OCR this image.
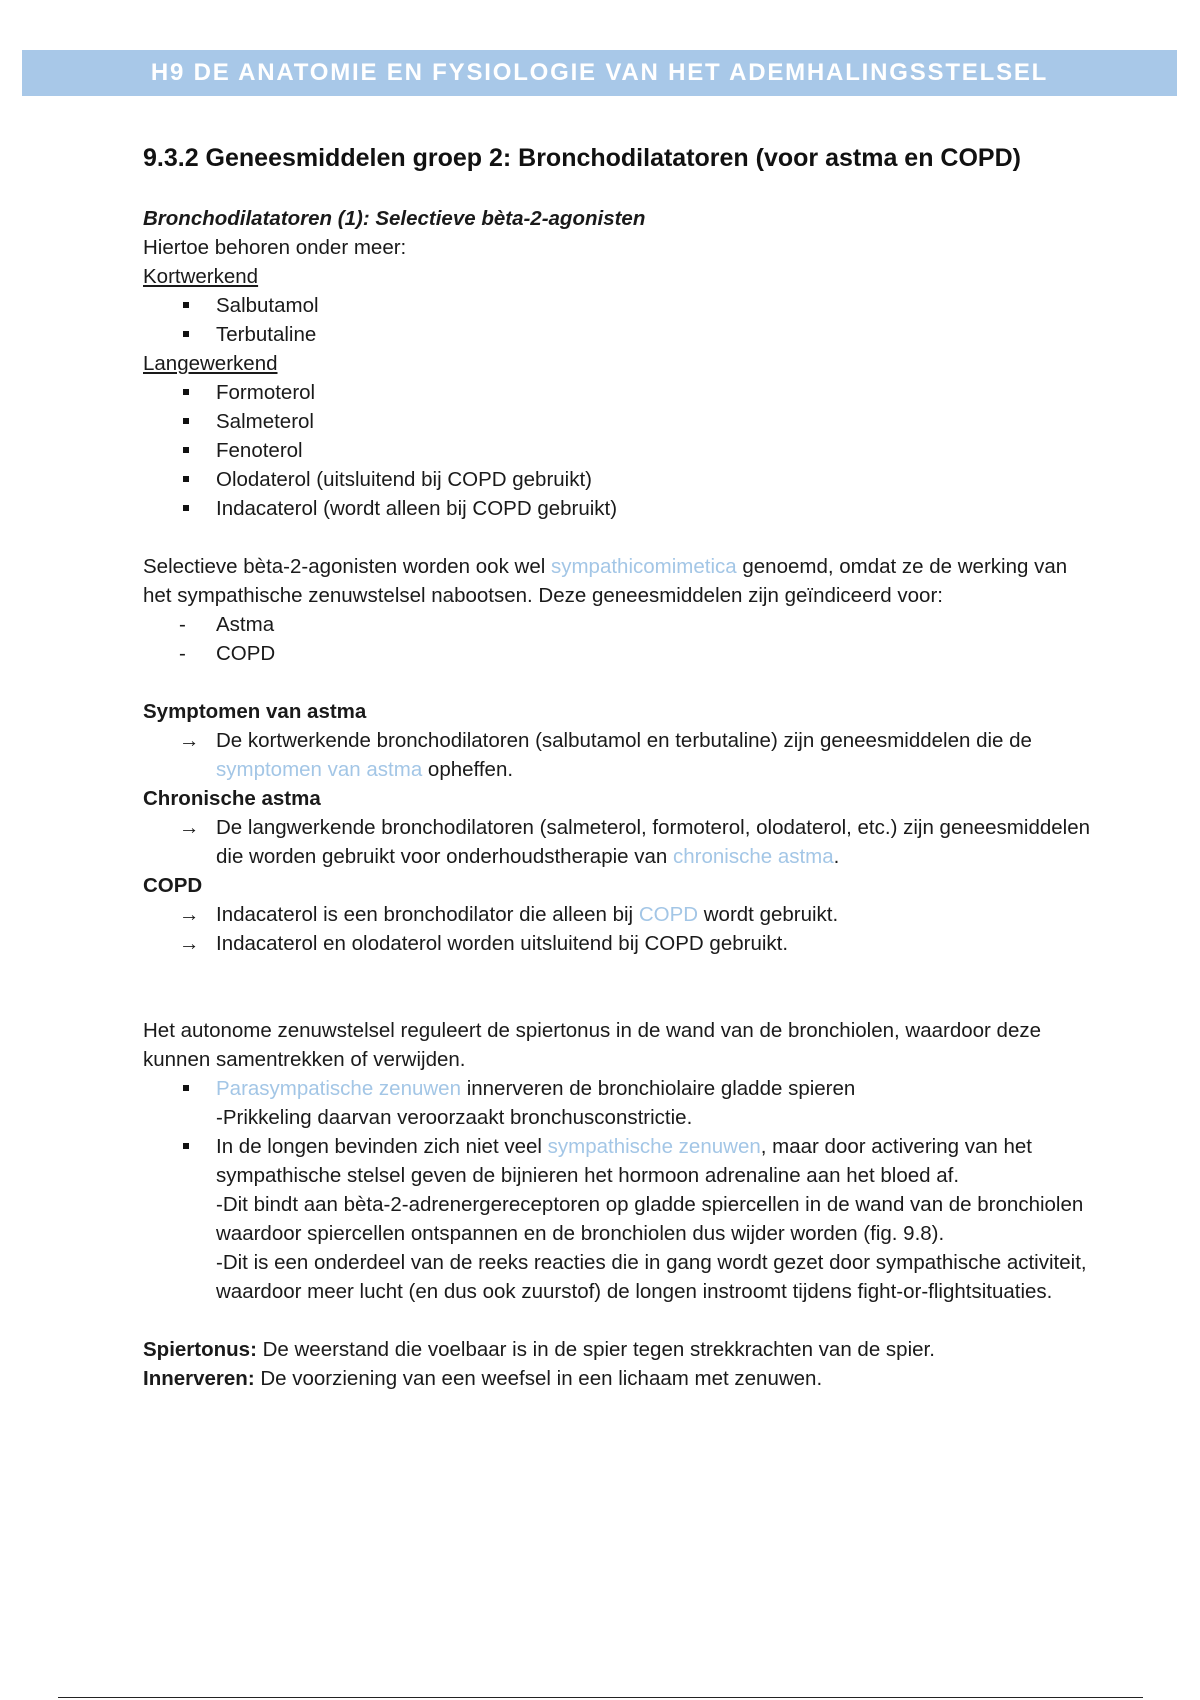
H9 DE ANATOMIE EN FYSIOLOGIE VAN HET ADEMHALINGSSTELSEL
9.3.2 Geneesmiddelen groep 2: Bronchodilatatoren (voor astma en COPD)

Bronchodilatatoren (1): Selectieve bèta-2-agonisten

Hiertoe behoren onder meer:

Kortwerkend

Salbutamol
Terbutaline

Langewerkend

Formoterol
Salmeterol
Fenoterol
Olodaterol (uitsluitend bij COPD gebruikt)
Indacaterol (wordt alleen bij COPD gebruikt)

Selectieve bèta-2-agonisten worden ook wel sympathicomimetica genoemd, omdat ze de werking van het sympathische zenuwstelsel nabootsen. Deze geneesmiddelen zijn geïndiceerd voor:

- Astma
- COPD

Symptomen van astma

→ De kortwerkende bronchodilatoren (salbutamol en terbutaline) zijn geneesmiddelen die de symptomen van astma opheffen.

Chronische astma

→ De langwerkende bronchodilatoren (salmeterol, formoterol, olodaterol, etc.) zijn geneesmiddelen die worden gebruikt voor onderhoudstherapie van chronische astma.

COPD

→ Indacaterol is een bronchodilator die alleen bij COPD wordt gebruikt.
→ Indacaterol en olodaterol worden uitsluitend bij COPD gebruikt.

Het autonome zenuwstelsel reguleert de spiertonus in de wand van de bronchiolen, waardoor deze kunnen samentrekken of verwijden.

Parasympatische zenuwen innerveren de bronchiolaire gladde spieren
-Prikkeling daarvan veroorzaakt bronchusconstrictie.
In de longen bevinden zich niet veel sympathische zenuwen, maar door activering van het sympathische stelsel geven de bijnieren het hormoon adrenaline aan het bloed af.
-Dit bindt aan bèta-2-adrenergereceptoren op gladde spiercellen in de wand van de bronchiolen waardoor spiercellen ontspannen en de bronchiolen dus wijder worden (fig. 9.8).
-Dit is een onderdeel van de reeks reacties die in gang wordt gezet door sympathische activiteit, waardoor meer lucht (en dus ook zuurstof) de longen instroomt tijdens fight-or-flightsituaties.

Spiertonus: De weerstand die voelbaar is in de spier tegen strekkrachten van de spier.

Innerveren: De voorziening van een weefsel in een lichaam met zenuwen.
